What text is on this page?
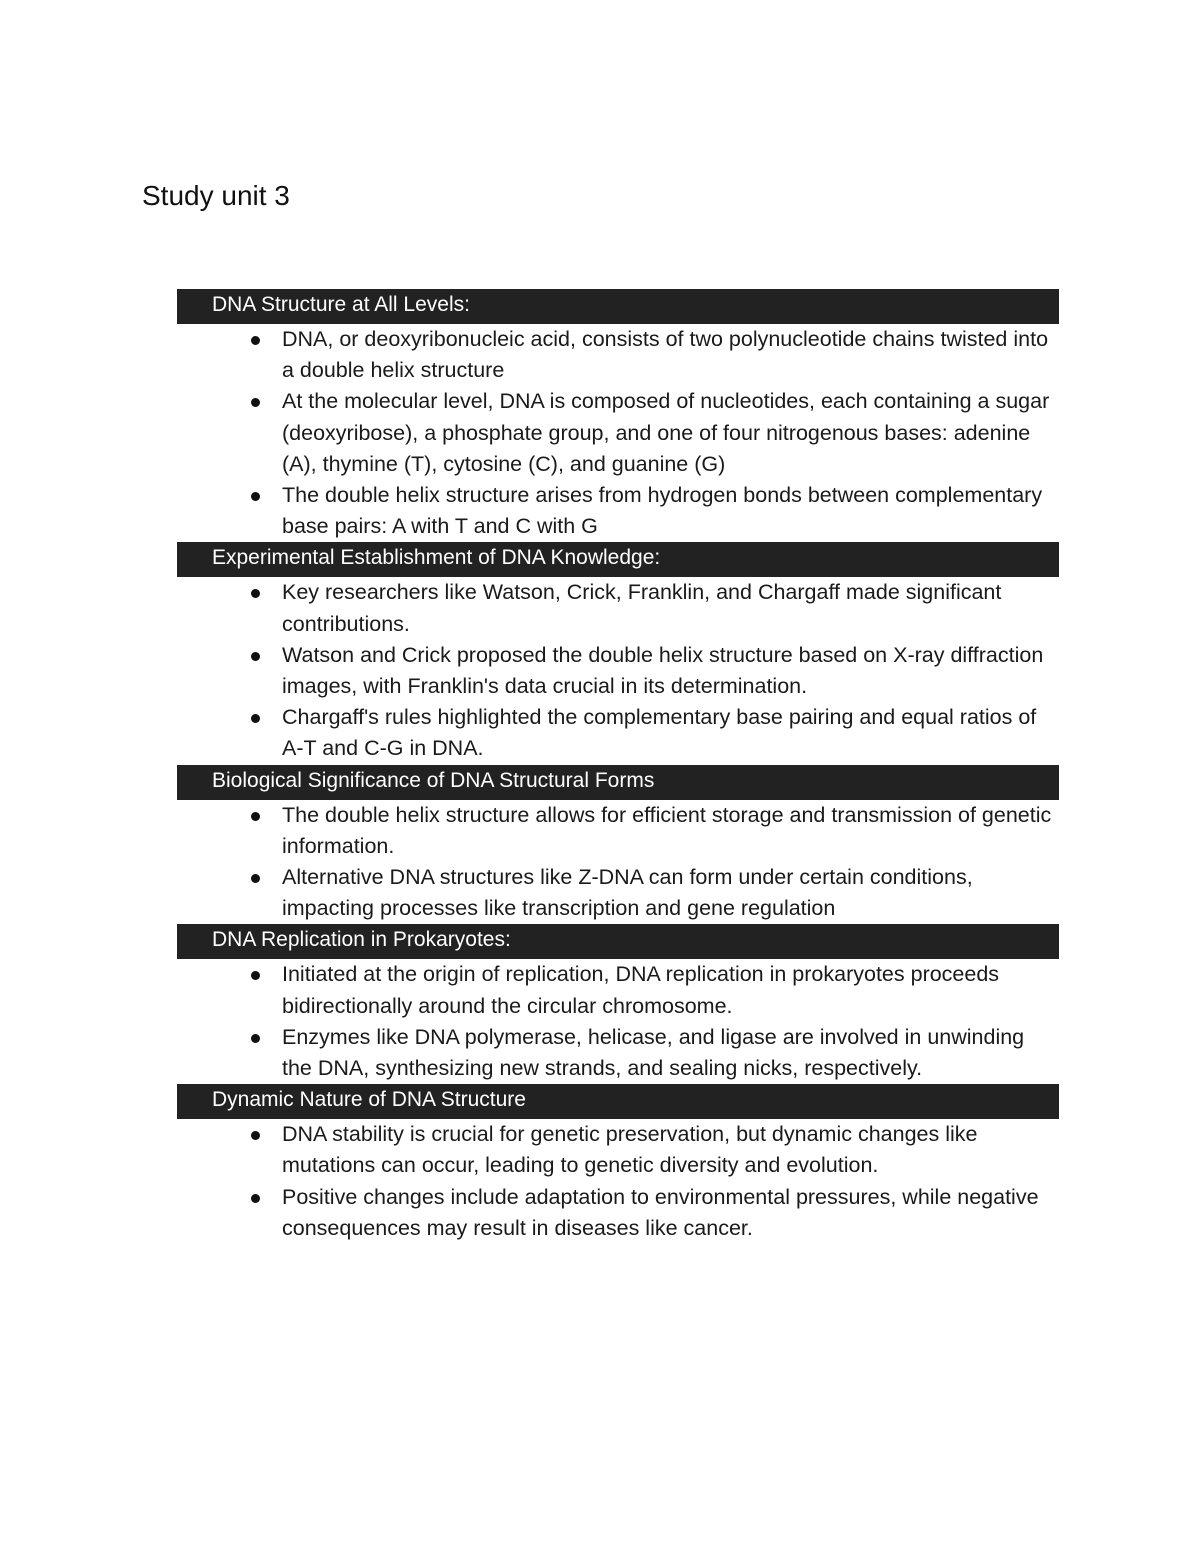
Study unit 3
DNA Structure at All Levels:
DNA, or deoxyribonucleic acid, consists of two polynucleotide chains twisted into a double helix structure
At the molecular level, DNA is composed of nucleotides, each containing a sugar (deoxyribose), a phosphate group, and one of four nitrogenous bases: adenine (A), thymine (T), cytosine (C), and guanine (G)
The double helix structure arises from hydrogen bonds between complementary base pairs: A with T and C with G
Experimental Establishment of DNA Knowledge:
Key researchers like Watson, Crick, Franklin, and Chargaff made significant contributions.
Watson and Crick proposed the double helix structure based on X-ray diffraction images, with Franklin's data crucial in its determination.
Chargaff's rules highlighted the complementary base pairing and equal ratios of A-T and C-G in DNA.
Biological Significance of DNA Structural Forms
The double helix structure allows for efficient storage and transmission of genetic information.
Alternative DNA structures like Z-DNA can form under certain conditions, impacting processes like transcription and gene regulation
DNA Replication in Prokaryotes:
Initiated at the origin of replication, DNA replication in prokaryotes proceeds bidirectionally around the circular chromosome.
Enzymes like DNA polymerase, helicase, and ligase are involved in unwinding the DNA, synthesizing new strands, and sealing nicks, respectively.
Dynamic Nature of DNA Structure
DNA stability is crucial for genetic preservation, but dynamic changes like mutations can occur, leading to genetic diversity and evolution.
Positive changes include adaptation to environmental pressures, while negative consequences may result in diseases like cancer.
